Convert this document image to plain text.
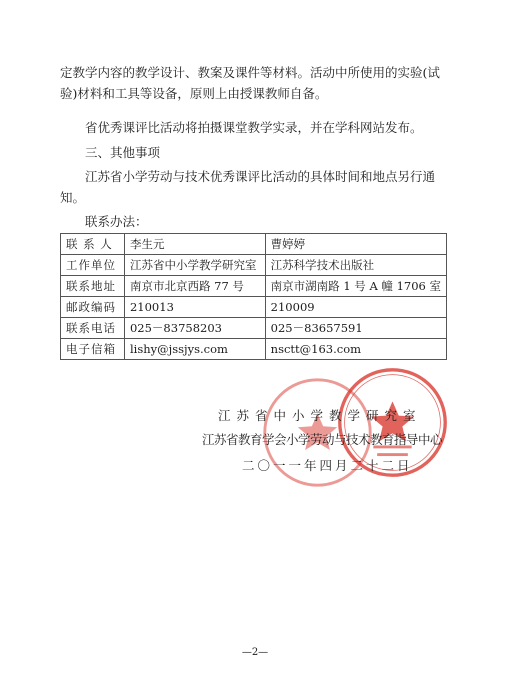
定教学内容的教学设计、教案及课件等材料。活动中所使用的实验(试验)材料和工具等设备，原则上由授课教师自备。

省优秀课评比活动将拍摄课堂教学实录，并在学科网站发布。

三、其他事项

江苏省小学劳动与技术优秀课评比活动的具体时间和地点另行通知。

联系办法：

联 系 人	李生元	曹婷婷
工作单位	江苏省中小学教学研究室	江苏科学技术出版社
联系地址	南京市北京西路 77 号	南京市湖南路 1 号 A 幢 1706 室
邮政编码	210013	210009
联系电话	025－83758203	025－83657591
电子信箱	lishy@jssjys.com	nsctt@163.com

江苏省中小学教学研究室

江苏省教育学会小学劳动与技术教育指导中心

二〇一一年四月二十二日

—2—
